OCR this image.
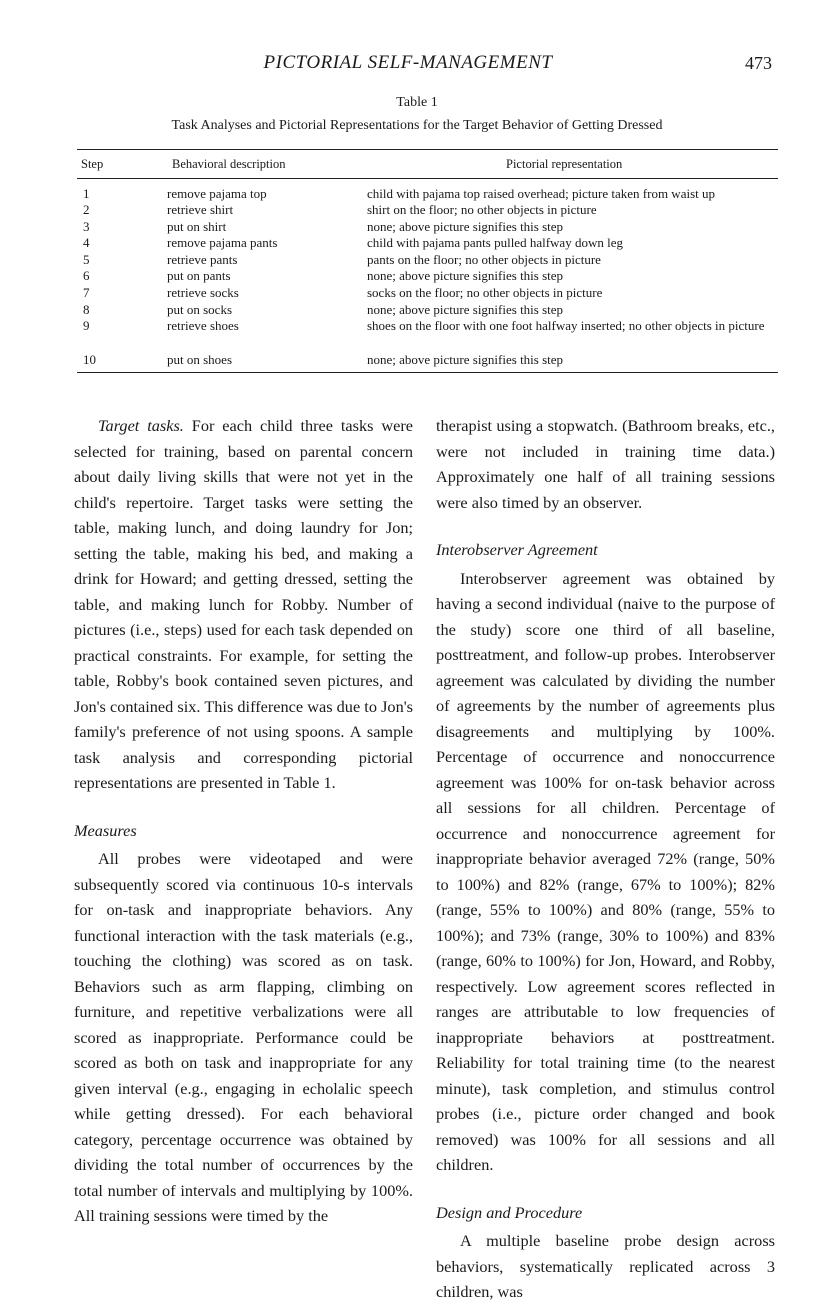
PICTORIAL SELF-MANAGEMENT	473
Table 1
Task Analyses and Pictorial Representations for the Target Behavior of Getting Dressed
Step	Behavioral description	Pictorial representation
1	remove pajama top	child with pajama top raised overhead; picture taken from waist up
2	retrieve shirt	shirt on the floor; no other objects in picture
3	put on shirt	none; above picture signifies this step
4	remove pajama pants	child with pajama pants pulled halfway down leg
5	retrieve pants	pants on the floor; no other objects in picture
6	put on pants	none; above picture signifies this step
7	retrieve socks	socks on the floor; no other objects in picture
8	put on socks	none; above picture signifies this step
9	retrieve shoes	shoes on the floor with one foot halfway inserted; no other objects in picture
10	put on shoes	none; above picture signifies this step

Target tasks. For each child three tasks were selected for training, based on parental concern about daily living skills that were not yet in the child's repertoire. Target tasks were setting the table, making lunch, and doing laundry for Jon; setting the table, making his bed, and making a drink for Howard; and getting dressed, setting the table, and making lunch for Robby. Number of pictures (i.e., steps) used for each task depended on practical constraints. For example, for setting the table, Robby's book contained seven pictures, and Jon's contained six. This difference was due to Jon's family's preference of not using spoons. A sample task analysis and corresponding pictorial representations are presented in Table 1.

Measures

All probes were videotaped and were subsequently scored via continuous 10-s intervals for on-task and inappropriate behaviors. Any functional interaction with the task materials (e.g., touching the clothing) was scored as on task. Behaviors such as arm flapping, climbing on furniture, and repetitive verbalizations were all scored as inappropriate. Performance could be scored as both on task and inappropriate for any given interval (e.g., engaging in echolalic speech while getting dressed). For each behavioral category, percentage occurrence was obtained by dividing the total number of occurrences by the total number of intervals and multiplying by 100%. All training sessions were timed by the

therapist using a stopwatch. (Bathroom breaks, etc., were not included in training time data.) Approximately one half of all training sessions were also timed by an observer.

Interobserver Agreement

Interobserver agreement was obtained by having a second individual (naive to the purpose of the study) score one third of all baseline, posttreatment, and follow-up probes. Interobserver agreement was calculated by dividing the number of agreements by the number of agreements plus disagreements and multiplying by 100%. Percentage of occurrence and nonoccurrence agreement was 100% for on-task behavior across all sessions for all children. Percentage of occurrence and nonoccurrence agreement for inappropriate behavior averaged 72% (range, 50% to 100%) and 82% (range, 67% to 100%); 82% (range, 55% to 100%) and 80% (range, 55% to 100%); and 73% (range, 30% to 100%) and 83% (range, 60% to 100%) for Jon, Howard, and Robby, respectively. Low agreement scores reflected in ranges are attributable to low frequencies of inappropriate behaviors at posttreatment. Reliability for total training time (to the nearest minute), task completion, and stimulus control probes (i.e., picture order changed and book removed) was 100% for all sessions and all children.

Design and Procedure

A multiple baseline probe design across behaviors, systematically replicated across 3 children, was
